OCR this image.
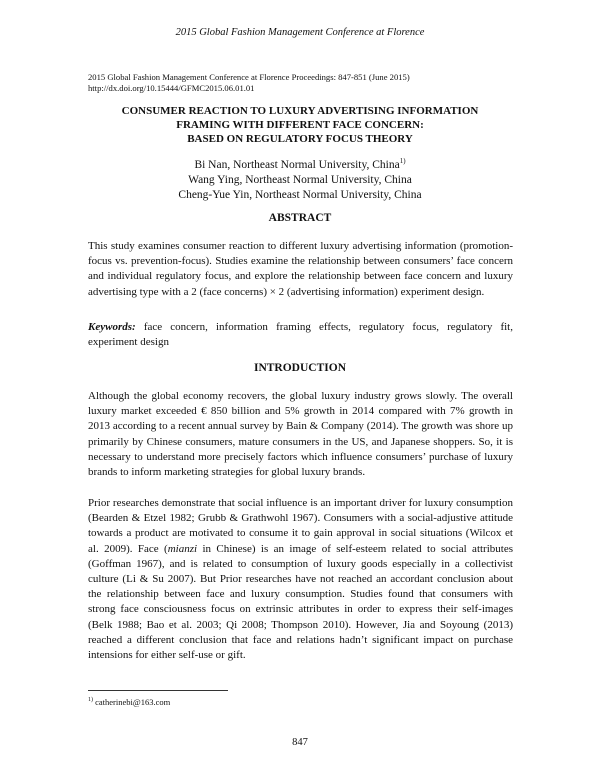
2015 Global Fashion Management Conference at Florence
2015 Global Fashion Management Conference at Florence Proceedings: 847-851 (June 2015)
http://dx.doi.org/10.15444/GFMC2015.06.01.01
CONSUMER REACTION TO LUXURY ADVERTISING INFORMATION
FRAMING WITH DIFFERENT FACE CONCERN:
BASED ON REGULATORY FOCUS THEORY
Bi Nan, Northeast Normal University, China$^{1)}$
Wang Ying, Northeast Normal University, China
Cheng-Yue Yin, Northeast Normal University, China
ABSTRACT

This study examines consumer reaction to different luxury advertising information (promotion-focus vs. prevention-focus). Studies examine the relationship between consumers’ face concern and individual regulatory focus, and explore the relationship between face concern and luxury advertising type with a 2 (face concerns) × 2 (advertising information) experiment design.

Keywords: face concern, information framing effects, regulatory focus, regulatory fit, experiment design

INTRODUCTION

Although the global economy recovers, the global luxury industry grows slowly. The overall luxury market exceeded € 850 billion and 5% growth in 2014 compared with 7% growth in 2013 according to a recent annual survey by Bain & Company (2014). The growth was shore up primarily by Chinese consumers, mature consumers in the US, and Japanese shoppers. So, it is necessary to understand more precisely factors which influence consumers’ purchase of luxury brands to inform marketing strategies for global luxury brands.

Prior researches demonstrate that social influence is an important driver for luxury consumption (Bearden & Etzel 1982; Grubb & Grathwohl 1967). Consumers with a social-adjustive attitude towards a product are motivated to consume it to gain approval in social situations (Wilcox et al. 2009). Face (mianzi in Chinese) is an image of self-esteem related to social attributes (Goffman 1967), and is related to consumption of luxury goods especially in a collectivist culture (Li & Su 2007). But Prior researches have not reached an accordant conclusion about the relationship between face and luxury consumption. Studies found that consumers with strong face consciousness focus on extrinsic attributes in order to express their self-images (Belk 1988; Bao et al. 2003; Qi 2008; Thompson 2010). However, Jia and Soyoung (2013) reached a different conclusion that face and relations hadn’t significant impact on purchase intensions for either self-use or gift.

$^{1)}$ catherinebi@163.com
847
